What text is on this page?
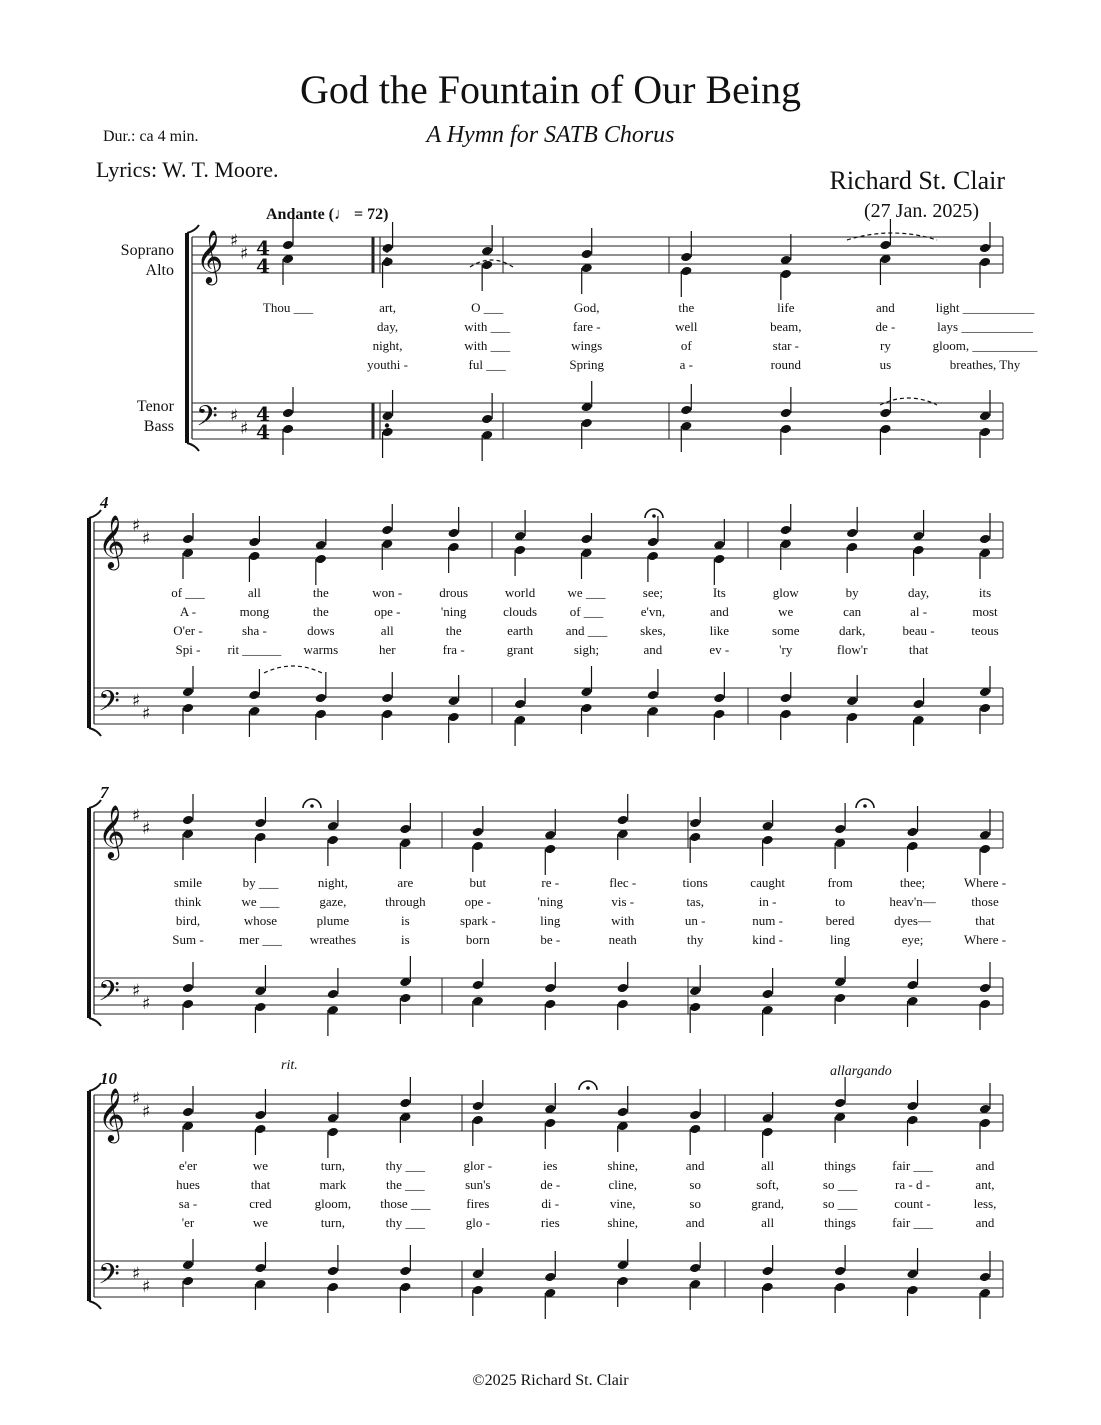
God the Fountain of Our Being
A Hymn for SATB Chorus
Dur.: ca 4 min.
Lyrics: W. T. Moore.	Richard St. Clair
(27 Jan. 2025)
Andante (♩ = 72)
Soprano
Alto
Tenor
Bass
4
7
10
rit.	allargando
©2025 Richard St. Clair
𝄞 ♯
♯ 4
4
𝄢 ♯
♯
4
4
𝄞 ♯
♯
𝄢 ♯
♯
𝄞 ♯
♯
𝄢 ♯
♯
𝄞 ♯
♯
𝄢 ♯
♯
Thou ___	art,	O ___	God,	the	life	and	light ___________
day,	with ___	fare -	well	beam,	de -	lays ___________
night,	with ___	wings	of	star -	ry	gloom, __________
youthi -	ful ___	Spring	a -	round	us	breathes, Thy
of ___	all	the	won -	drous	world we ___	see;	Its	glow	by	day,	its
A -	mong	the	ope -	'ning	clouds	of ___	e'vn,	and	we	can	al -	most
O'er -	sha -	dows	all	the	earth	and ___	skes,	like	some	dark,	beau -	teous
Spi - rit ______ warms	her	fra -	grant	sigh;	and	ev -	'ry	flow'r	that
smile	by ___	night,	are	but	re -	flec -	tions	caught	from	thee;	Where -
think	we ___	gaze,	through	ope -	'ning	vis -	tas,	in -	to	heav'n—	those
bird,	whose	plume	is	spark -	ling	with	un -	num -	bered	dyes—	that
Sum -	mer ___ wreathes	is	born	be -	neath	thy	kind -	ling	eye;	Where -
e'er	we	turn,	thy ___	glor -	ies	shine,	and	all	things	fair ___	and
hues	that	mark	the ___	sun's	de -	cline,	so	soft,	so ___	ra - d -	ant,
sa -	cred	gloom, those ___	fires	di -	vine,	so	grand,	so ___	count -	less,
'er	we	turn,	thy ___	glo -	ries	shine,	and	all	things	fair ___	and
